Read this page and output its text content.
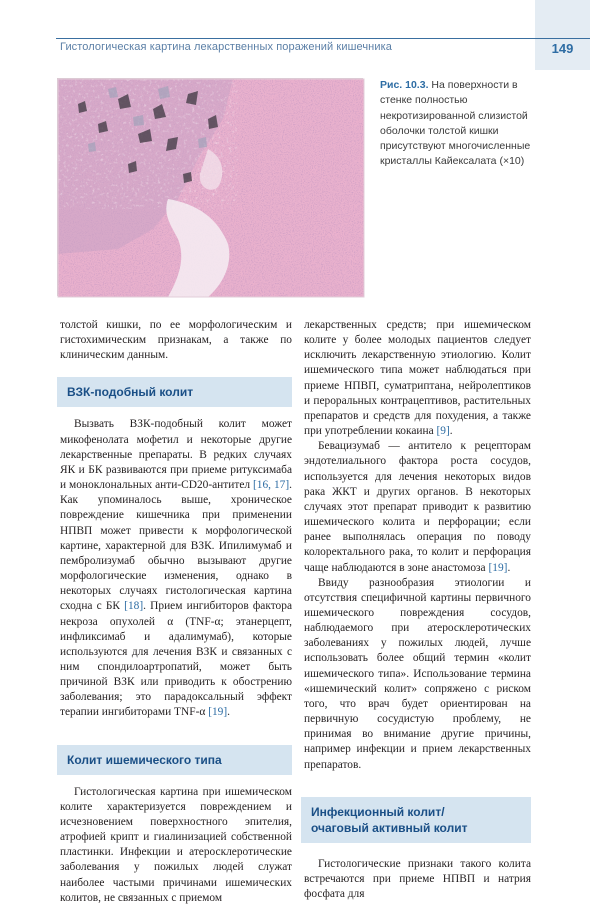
Гистологическая картина лекарственных поражений кишечника	149
Рис. 10.3. На поверхности в стенке полностью некротизированной слизистой оболочки толстой кишки присутствуют многочисленные кристаллы Кайексалата (×10)

толстой кишки, по ее морфологическим и гистохимическим признакам, а также по клиническим данным.

ВЗК-подобный колит

Вызвать ВЗК-подобный колит может микофенолата мофетил и некоторые другие лекарственные препараты. В редких случаях ЯК и БК развиваются при приеме ритуксимаба и моноклональных анти-CD20-антител [16, 17]. Как упоминалось выше, хроническое повреждение кишечника при применении НПВП может привести к морфологической картине, характерной для ВЗК. Ипилимумаб и пембролизумаб обычно вызывают другие морфологические изменения, однако в некоторых случаях гистологическая картина сходна с БК [18]. Прием ингибиторов фактора некроза опухолей α (TNF-α; этанерцепт, инфликсимаб и адалимумаб), которые используются для лечения ВЗК и связанных с ним спондилоартропатий, может быть причиной ВЗК или приводить к обострению заболевания; это парадоксальный эффект терапии ингибиторами TNF-α [19].

Колит ишемического типа

Гистологическая картина при ишемическом колите характеризуется повреждением и исчезновением поверхностного эпителия, атрофией крипт и гиалинизацией собственной пластинки. Инфекции и атеросклеротические заболевания у пожилых людей служат наиболее частыми причинами ишемических колитов, не связанных с приемом

лекарственных средств; при ишемическом колите у более молодых пациентов следует исключить лекарственную этиологию. Колит ишемического типа может наблюдаться при приеме НПВП, суматриптана, нейролептиков и пероральных контрацептивов, растительных препаратов и средств для похудения, а также при употреблении кокаина [9].

Бевацизумаб — антитело к рецепторам эндотелиального фактора роста сосудов, используется для лечения некоторых видов рака ЖКТ и других органов. В некоторых случаях этот препарат приводит к развитию ишемического колита и перфорации; если ранее выполнялась операция по поводу колоректального рака, то колит и перфорация чаще наблюдаются в зоне анастомоза [19].

Ввиду разнообразия этиологии и отсутствия специфичной картины первичного ишемического повреждения сосудов, наблюдаемого при атеросклеротических заболеваниях у пожилых людей, лучше использовать более общий термин «колит ишемического типа». Использование термина «ишемический колит» сопряжено с риском того, что врач будет ориентирован на первичную сосудистую проблему, не принимая во внимание другие причины, например инфекции и прием лекарственных препаратов.

Инфекционный колит/
очаговый активный колит

Гистологические признаки такого колита встречаются при приеме НПВП и натрия фосфата для
